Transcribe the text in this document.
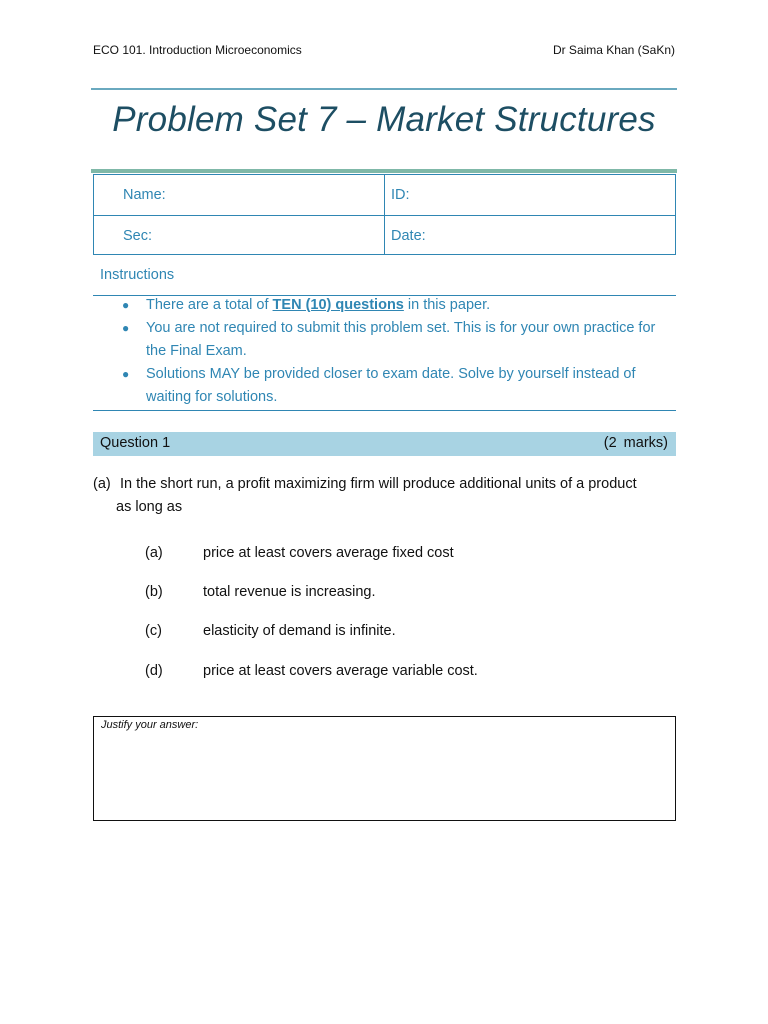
ECO 101. Introduction Microeconomics	Dr Saima Khan (SaKn)
Problem Set 7 – Market Structures
Name:	ID:
Sec:	Date:
Instructions
● There are a total of TEN (10) questions in this paper.
● You are not required to submit this problem set. This is for your own practice for the Final Exam.
● Solutions MAY be provided closer to exam date. Solve by yourself instead of waiting for solutions.
Question 1	(2 marks)
(a) In the short run, a profit maximizing firm will produce additional units of a product
as long as
(a)	price at least covers average fixed cost
(b)	total revenue is increasing.
(c)	elasticity of demand is infinite.
(d)	price at least covers average variable cost.
Justify your answer:
